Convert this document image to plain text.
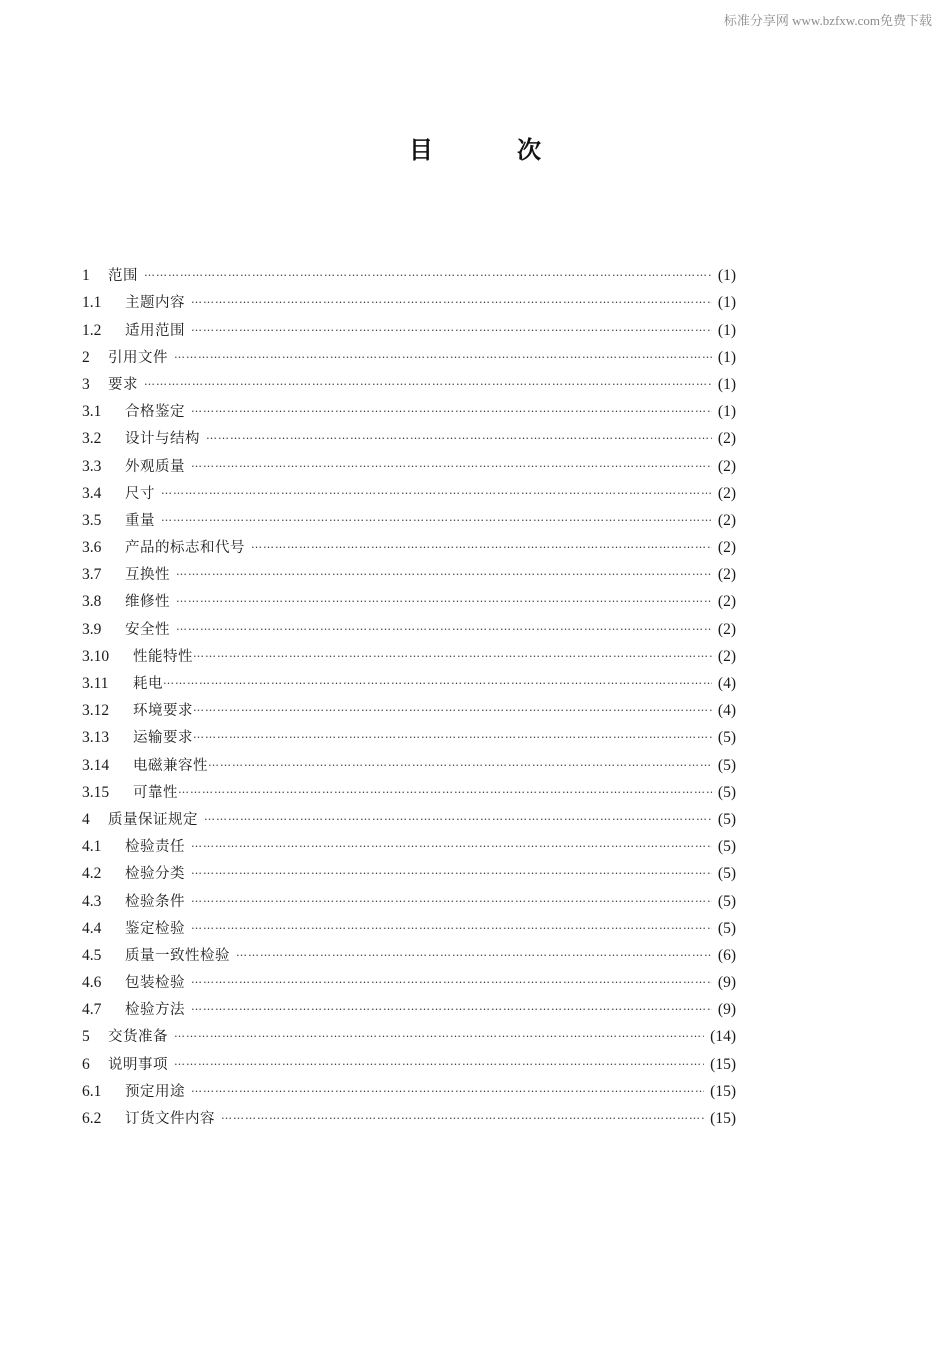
标准分享网 www.bzfxw.com免费下载
目次
1	范围 ……………………………………………………………………………………………………………………………………………………………………	(1)
1.1	主题内容 ……………………………………………………………………………………………………………………………………………………………………	(1)
1.2	适用范围 ……………………………………………………………………………………………………………………………………………………………………	(1)
2	引用文件 ……………………………………………………………………………………………………………………………………………………………………	(1)
3	要求 ……………………………………………………………………………………………………………………………………………………………………	(1)
3.1	合格鉴定 ……………………………………………………………………………………………………………………………………………………………………	(1)
3.2	设计与结构 ……………………………………………………………………………………………………………………………………………………………………	(2)
3.3	外观质量 ……………………………………………………………………………………………………………………………………………………………………	(2)
3.4	尺寸 ……………………………………………………………………………………………………………………………………………………………………	(2)
3.5	重量 ……………………………………………………………………………………………………………………………………………………………………	(2)
3.6	产品的标志和代号 ……………………………………………………………………………………………………………………………………………………………………	(2)
3.7	互换性 ……………………………………………………………………………………………………………………………………………………………………	(2)
3.8	维修性 ……………………………………………………………………………………………………………………………………………………………………	(2)
3.9	安全性 ……………………………………………………………………………………………………………………………………………………………………	(2)
3.10	性能特性 ……………………………………………………………………………………………………………………………………………………………………	(2)
3.11	耗电 ……………………………………………………………………………………………………………………………………………………………………	(4)
3.12	环境要求 ……………………………………………………………………………………………………………………………………………………………………	(4)
3.13	运输要求 ……………………………………………………………………………………………………………………………………………………………………	(5)
3.14	电磁兼容性 ……………………………………………………………………………………………………………………………………………………………………	(5)
3.15	可靠性 ……………………………………………………………………………………………………………………………………………………………………	(5)
4	质量保证规定 ……………………………………………………………………………………………………………………………………………………………………	(5)
4.1	检验责任 ……………………………………………………………………………………………………………………………………………………………………	(5)
4.2	检验分类 ……………………………………………………………………………………………………………………………………………………………………	(5)
4.3	检验条件 ……………………………………………………………………………………………………………………………………………………………………	(5)
4.4	鉴定检验 ……………………………………………………………………………………………………………………………………………………………………	(5)
4.5	质量一致性检验 ……………………………………………………………………………………………………………………………………………………………………	(6)
4.6	包装检验 ……………………………………………………………………………………………………………………………………………………………………	(9)
4.7	检验方法 ……………………………………………………………………………………………………………………………………………………………………	(9)
5	交货准备 ……………………………………………………………………………………………………………………………………………………………………	(14)
6	说明事项 ……………………………………………………………………………………………………………………………………………………………………	(15)
6.1	预定用途 ……………………………………………………………………………………………………………………………………………………………………	(15)
6.2	订货文件内容 ……………………………………………………………………………………………………………………………………………………………………	(15)
